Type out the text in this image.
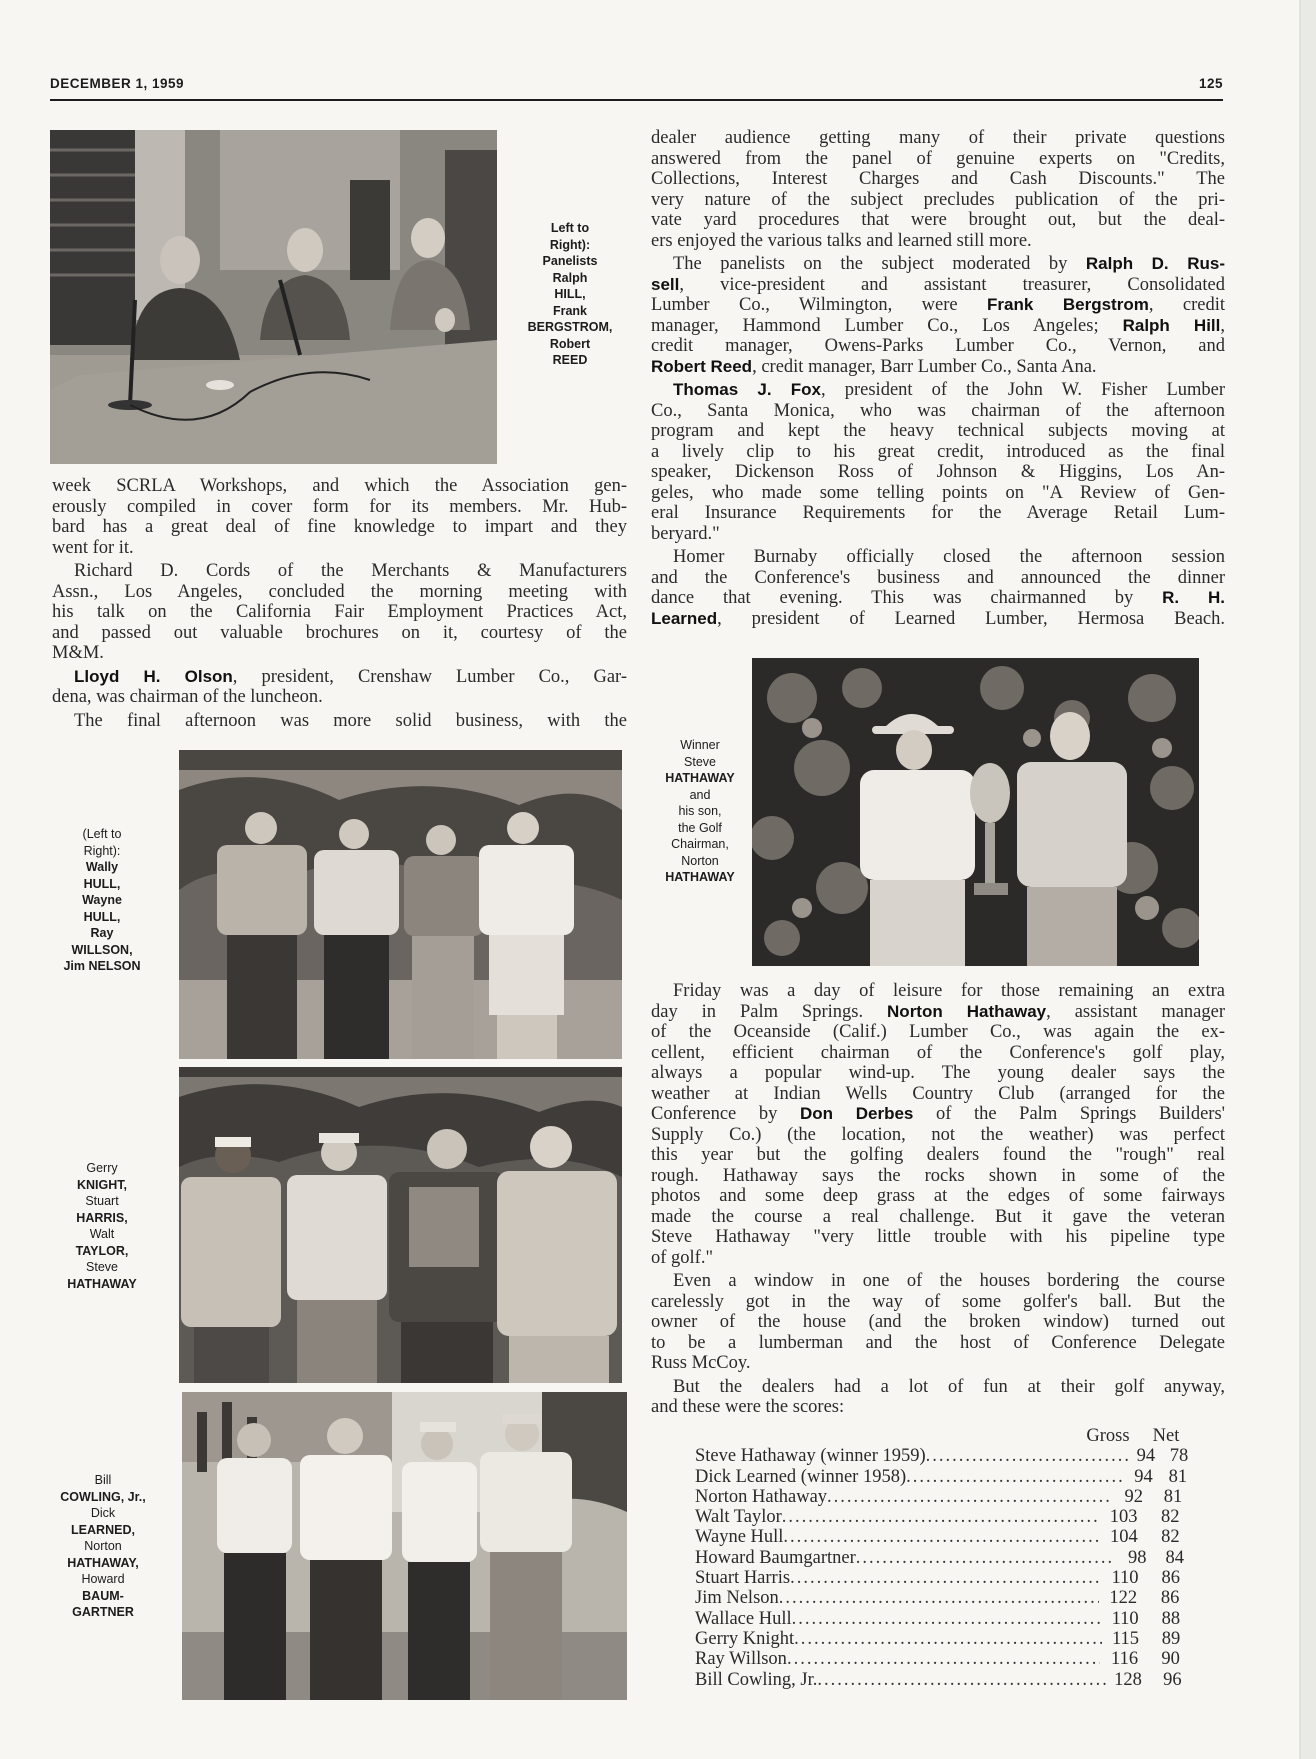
DECEMBER 1, 1959	125
Left to
Right):
Panelists
Ralph
HILL,
Frank
BERGSTROM,
Robert
REED

week SCRLA Workshops, and which the Association gen-
erously compiled in cover form for its members. Mr. Hub-
bard has a great deal of fine knowledge to impart and they
went for it.

Richard D. Cords of the Merchants & Manufacturers
Assn., Los Angeles, concluded the morning meeting with
his talk on the California Fair Employment Practices Act,
and passed out valuable brochures on it, courtesy of the
M&M.

Lloyd H. Olson, president, Crenshaw Lumber Co., Gar-
dena, was chairman of the luncheon.

The final afternoon was more solid business, with the

(Left to
Right):
Wally
HULL,
Wayne
HULL,
Ray
WILLSON,
Jim NELSON
Gerry
KNIGHT,
Stuart
HARRIS,
Walt
TAYLOR,
Steve
HATHAWAY
Bill
COWLING, Jr.,
Dick
LEARNED,
Norton
HATHAWAY,
Howard
BAUM-
GARTNER

dealer audience getting many of their private questions
answered from the panel of genuine experts on "Credits,
Collections, Interest Charges and Cash Discounts." The
very nature of the subject precludes publication of the pri-
vate yard procedures that were brought out, but the deal-
ers enjoyed the various talks and learned still more.

The panelists on the subject moderated by Ralph D. Rus-
sell, vice-president and assistant treasurer, Consolidated
Lumber Co., Wilmington, were Frank Bergstrom, credit
manager, Hammond Lumber Co., Los Angeles; Ralph Hill,
credit manager, Owens-Parks Lumber Co., Vernon, and
Robert Reed, credit manager, Barr Lumber Co., Santa Ana.

Thomas J. Fox, president of the John W. Fisher Lumber
Co., Santa Monica, who was chairman of the afternoon
program and kept the heavy technical subjects moving at
a lively clip to his great credit, introduced as the final
speaker, Dickenson Ross of Johnson & Higgins, Los An-
geles, who made some telling points on "A Review of Gen-
eral Insurance Requirements for the Average Retail Lum-
beryard."

Homer Burnaby officially closed the afternoon session
and the Conference's business and announced the dinner
dance that evening. This was chairmanned by R. H.
Learned, president of Learned Lumber, Hermosa Beach.

Winner
Steve
HATHAWAY
and
his son,
the Golf
Chairman,
Norton
HATHAWAY

Friday was a day of leisure for those remaining an extra
day in Palm Springs. Norton Hathaway, assistant manager
of the Oceanside (Calif.) Lumber Co., was again the ex-
cellent, efficient chairman of the Conference's golf play,
always a popular wind-up. The young dealer says the
weather at Indian Wells Country Club (arranged for the
Conference by Don Derbes of the Palm Springs Builders'
Supply Co.) (the location, not the weather) was perfect
this year but the golfing dealers found the "rough" real
rough. Hathaway says the rocks shown in some of the
photos and some deep grass at the edges of some fairways
made the course a real challenge. But it gave the veteran
Steve Hathaway "very little trouble with his pipeline type
of golf."

Even a window in one of the houses bordering the course
carelessly got in the way of some golfer's ball. But the
owner of the house (and the broken window) turned out
to be a lumberman and the host of Conference Delegate
Russ McCoy.

But the dealers had a lot of fun at their golf anyway,
and these were the scores:

Gross	Net
Steve Hathaway (winner 1959) .....	94 78
Dick Learned (winner 1958) .....	94 81
Norton Hathaway .....	92	81
Walt Taylor .....	103	82
Wayne Hull .....	104	82
Howard Baumgartner .....	98	84
Stuart Harris .....	110	86
Jim Nelson .....	122	86
Wallace Hull .....	110	88
Gerry Knight .....	115	89
Ray Willson .....	116	90
Bill Cowling, Jr. .....	128	96
